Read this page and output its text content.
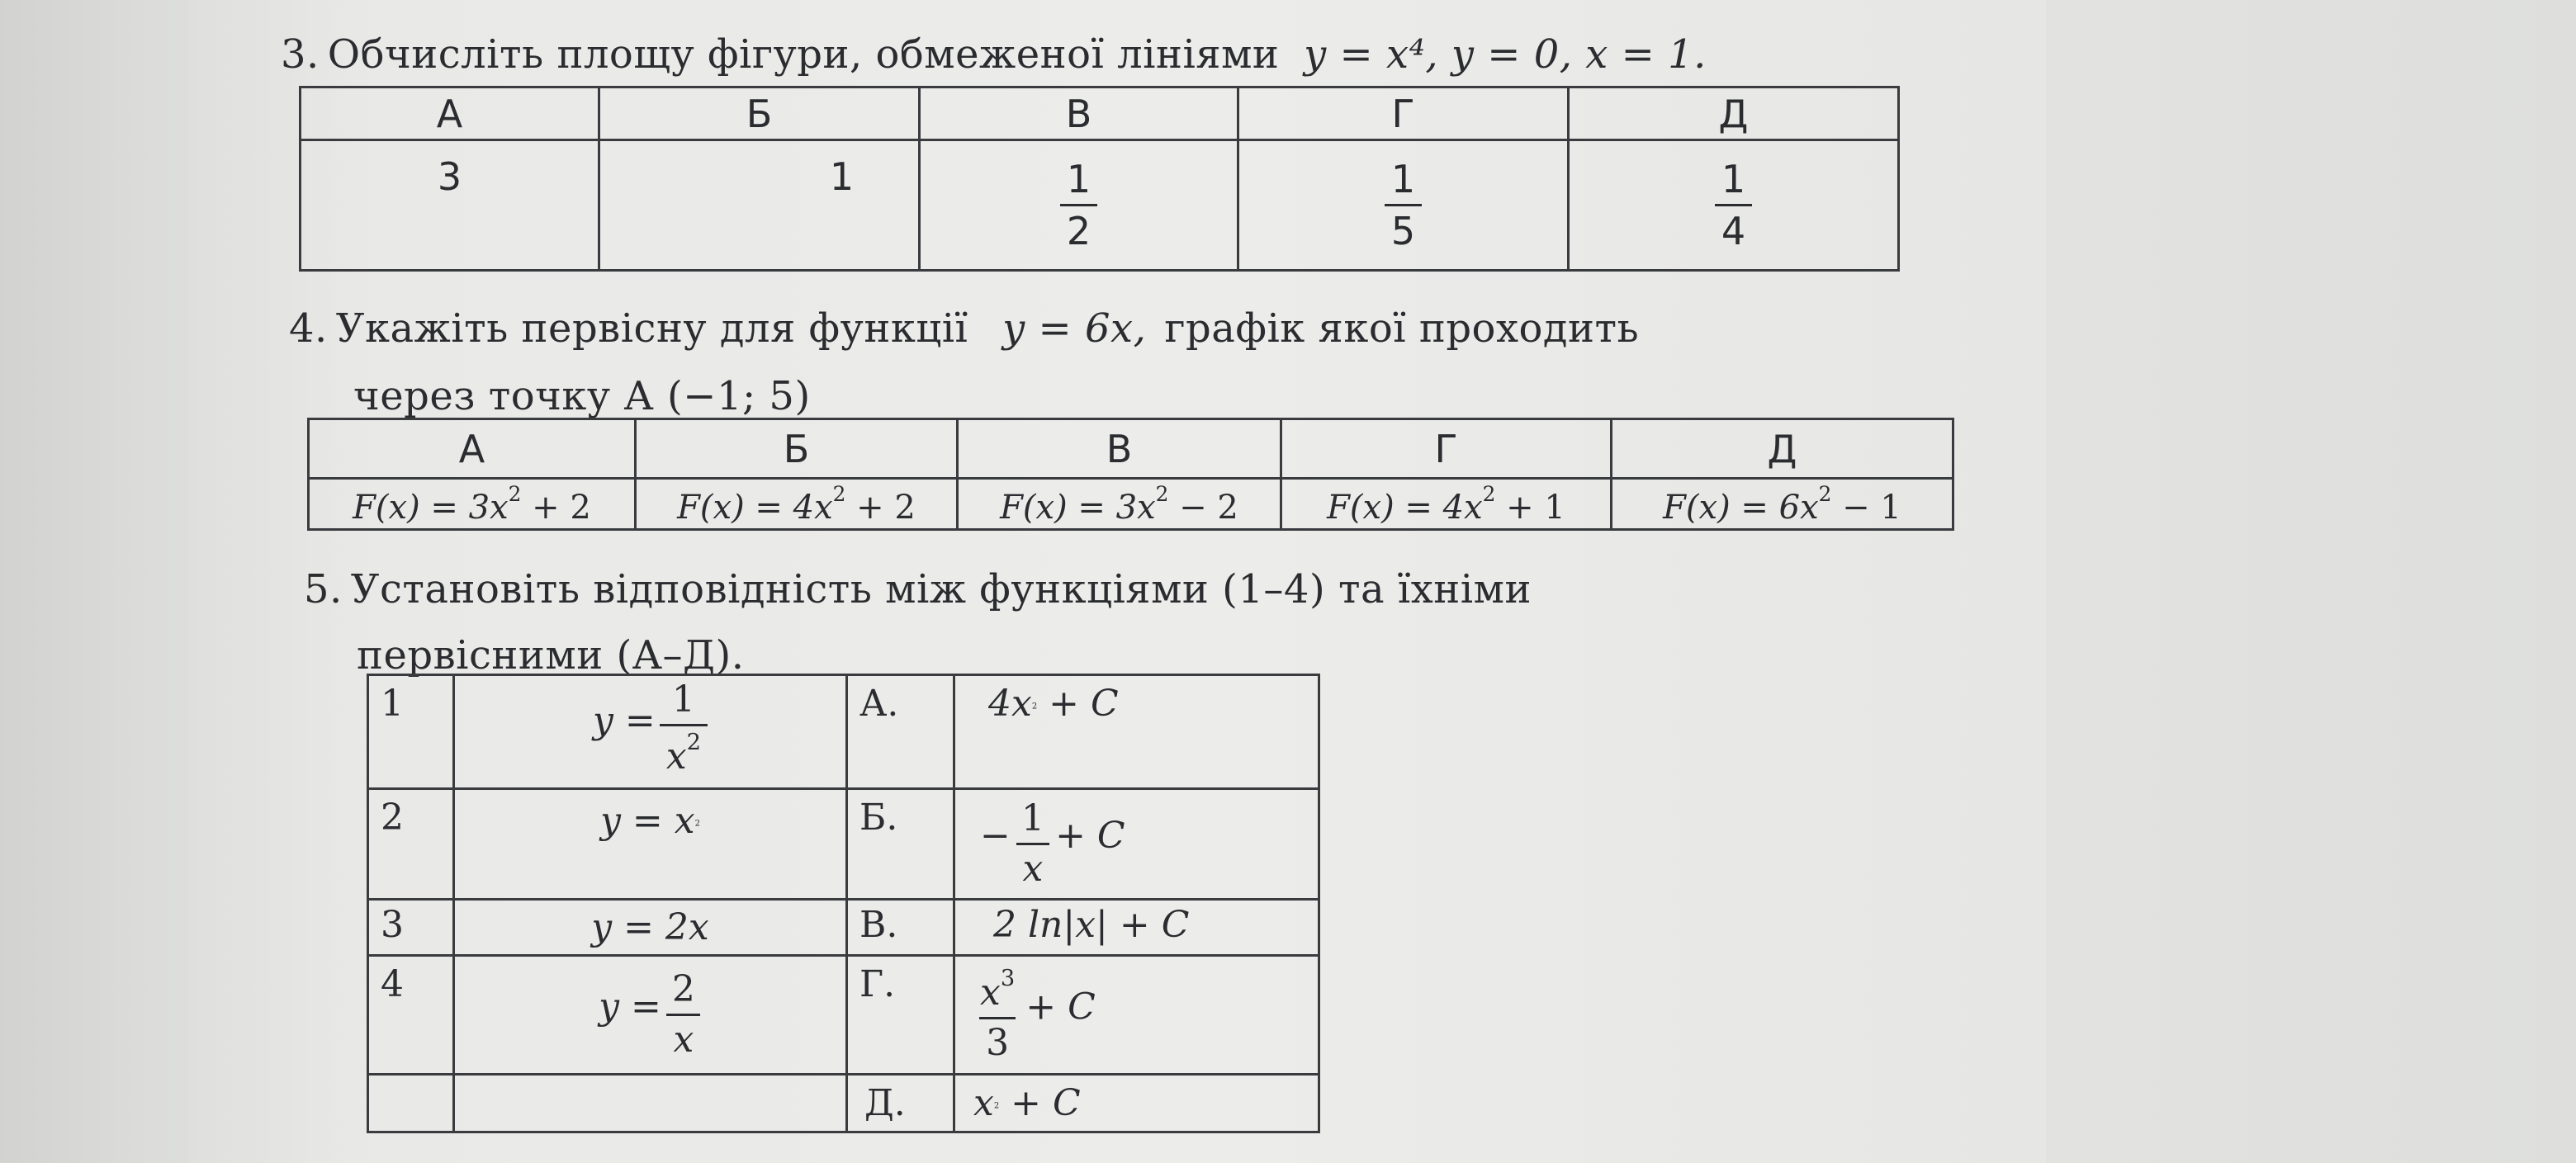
3. Обчисліть площу фігури, обмеженої лініями y = x⁴, y = 0, x = 1.
А	Б	В	Г	Д
3	1	$\frac{1}{2}$	$\frac{1}{5}$	$\frac{1}{4}$
4. Укажіть первісну для функції y = 6x, графік якої проходить
через точку А (−1; 5)
А	Б	В	Г	Д
$F(x) = 3x^2 + 2$	$F(x) = 4x^2 + 2$	$F(x) = 3x^2 - 2$	$F(x) = 4x^2 + 1$	$F(x) = 6x^2 - 1$
5. Установіть відповідність між функціями (1–4) та їхніми
первісними (А–Д).
1	$y = \frac{1}{x^2}$	А.	$4x^2 + C$
2	$y = x^2$	Б.	− $\frac{1}{x} + C$
3	y = 2x	В.	2 ln|x| + C
4	$y = \frac{2}{x}$	Г.	$\frac{x^3}{3} + C$
		Д.	$x^2 + C$
